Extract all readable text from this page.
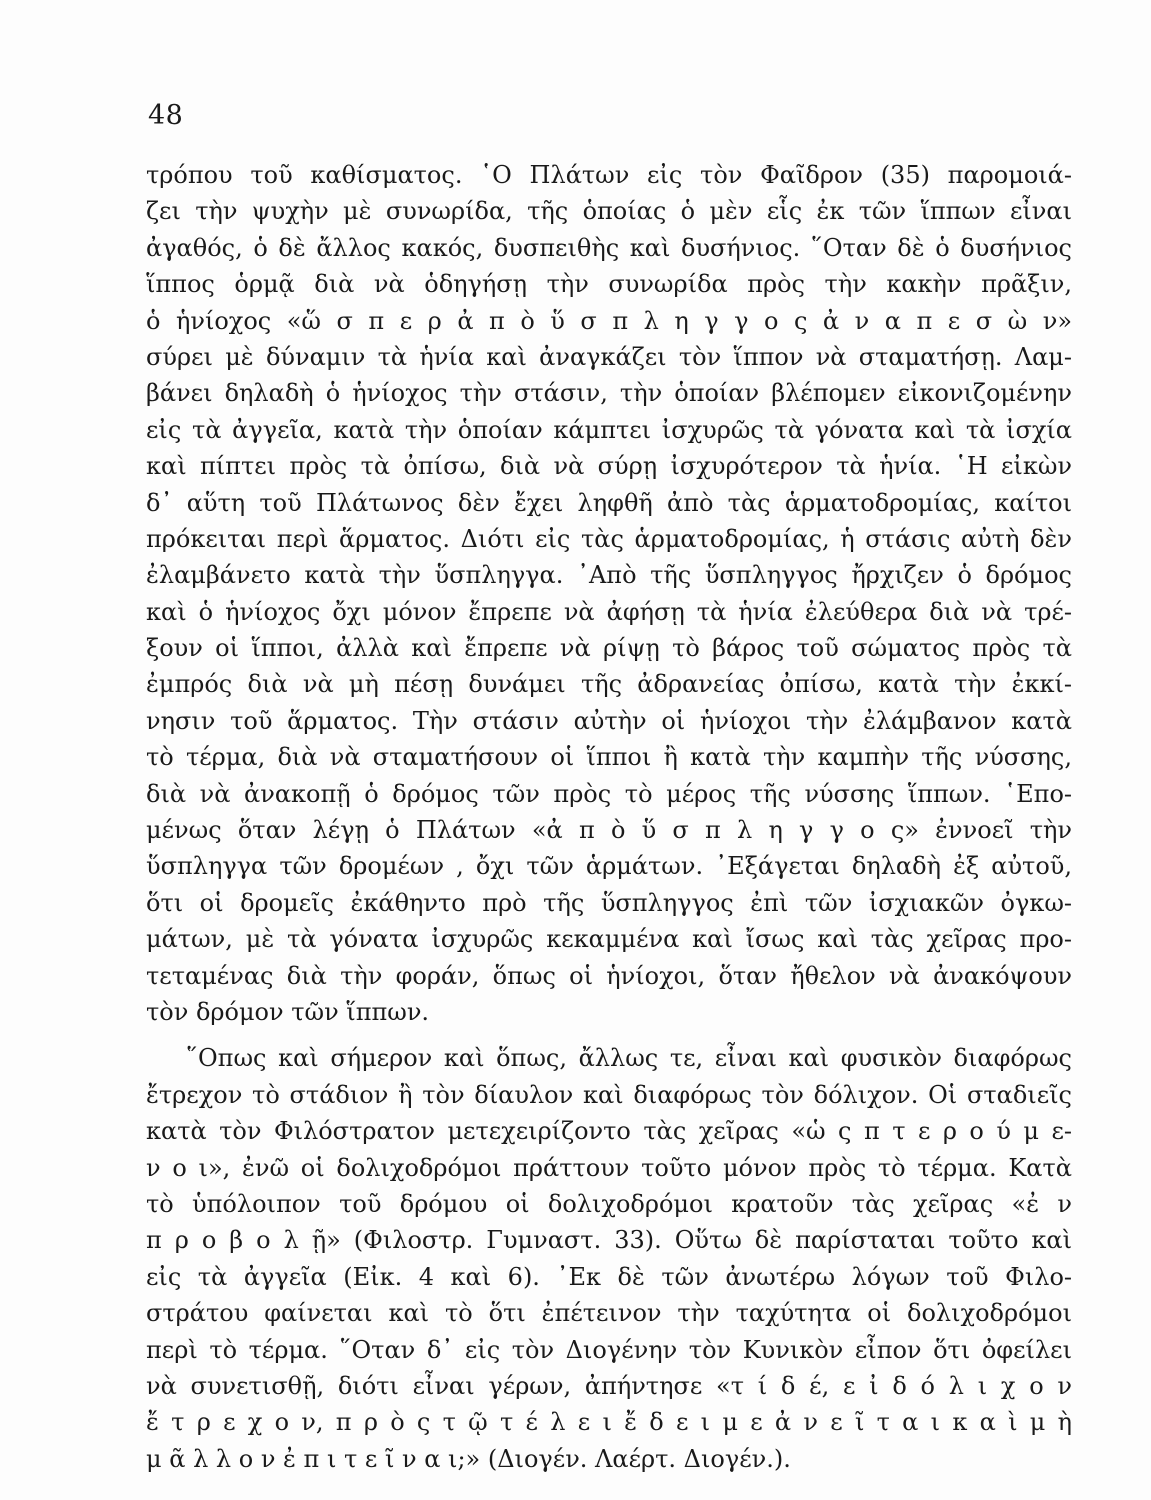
48
τρόπου τοῦ καθίσματος. ῾Ο Πλάτων εἰς τὸν Φαῖδρον (35) παρομοιά-
ζει τὴν ψυχὴν μὲ συνωρίδα, τῆς ὁποίας ὁ μὲν εἷς ἐκ τῶν ἵππων εἶναι
ἀγαθός, ὁ δὲ ἄλλος κακός, δυσπειθὴς καὶ δυσήνιος. ῞Οταν δὲ ὁ δυσήνιος
ἵππος ὁρμᾷ διὰ νὰ ὁδηγήσῃ τὴν συνωρίδα πρὸς τὴν κακὴν πρᾶξιν,
ὁ ἡνίοχος «ὥ σ π ε ρ ἀ π ὸ ὕ σ π λ η γ γ ο ς ἀ ν α π ε σ ὼ ν»
σύρει μὲ δύναμιν τὰ ἡνία καὶ ἀναγκάζει τὸν ἵππον νὰ σταματήσῃ. Λαμ-
βάνει δηλαδὴ ὁ ἡνίοχος τὴν στάσιν, τὴν ὁποίαν βλέπομεν εἰκονιζομένην
εἰς τὰ ἀγγεῖα, κατὰ τὴν ὁποίαν κάμπτει ἰσχυρῶς τὰ γόνατα καὶ τὰ ἰσχία
καὶ πίπτει πρὸς τὰ ὀπίσω, διὰ νὰ σύρῃ ἰσχυρότερον τὰ ἡνία. ῾Η εἰκὼν
δ᾿ αὕτη τοῦ Πλάτωνος δὲν ἔχει ληφθῆ ἀπὸ τὰς ἁρματοδρομίας, καίτοι
πρόκειται περὶ ἅρματος. Διότι εἰς τὰς ἁρματοδρομίας, ἡ στάσις αὐτὴ δὲν
ἐλαμβάνετο κατὰ τὴν ὕσπληγγα. ᾿Απὸ τῆς ὕσπληγγος ἤρχιζεν ὁ δρόμος
καὶ ὁ ἡνίοχος ὄχι μόνον ἔπρεπε νὰ ἀφήσῃ τὰ ἡνία ἐλεύθερα διὰ νὰ τρέ-
ξουν οἱ ἵπποι, ἀλλὰ καὶ ἔπρεπε νὰ ρίψῃ τὸ βάρος τοῦ σώματος πρὸς τὰ
ἐμπρός διὰ νὰ μὴ πέσῃ δυνάμει τῆς ἀδρανείας ὀπίσω, κατὰ τὴν ἐκκί-
νησιν τοῦ ἅρματος. Τὴν στάσιν αὐτὴν οἱ ἡνίοχοι τὴν ἐλάμβανον κατὰ
τὸ τέρμα, διὰ νὰ σταματήσουν οἱ ἵπποι ἢ κατὰ τὴν καμπὴν τῆς νύσσης,
διὰ νὰ ἀνακοπῇ ὁ δρόμος τῶν πρὸς τὸ μέρος τῆς νύσσης ἵππων. ῾Επο-
μένως ὅταν λέγῃ ὁ Πλάτων «ἀ π ὸ ὕ σ π λ η γ γ ο ς» ἐννοεῖ τὴν
ὕσπληγγα τῶν δρομέων , ὄχι τῶν ἁρμάτων. ᾿Εξάγεται δηλαδὴ ἐξ αὐτοῦ,
ὅτι οἱ δρομεῖς ἐκάθηντο πρὸ τῆς ὕσπληγγος ἐπὶ τῶν ἰσχιακῶν ὀγκω-
μάτων, μὲ τὰ γόνατα ἰσχυρῶς κεκαμμένα καὶ ἴσως καὶ τὰς χεῖρας προ-
τεταμένας διὰ τὴν φοράν, ὅπως οἱ ἡνίοχοι, ὅταν ἤθελον νὰ ἀνακόψουν
τὸν δρόμον τῶν ἵππων.
῞Οπως καὶ σήμερον καὶ ὅπως, ἄλλως τε, εἶναι καὶ φυσικὸν διαφόρως
ἔτρεχον τὸ στάδιον ἢ τὸν δίαυλον καὶ διαφόρως τὸν δόλιχον. Οἱ σταδιεῖς
κατὰ τὸν Φιλόστρατον μετεχειρίζοντο τὰς χεῖρας «ὡ ς π τ ε ρ ο ύ μ ε-
ν ο ι», ἐνῶ οἱ δολιχοδρόμοι πράττουν τοῦτο μόνον πρὸς τὸ τέρμα. Κατὰ
τὸ ὑπόλοιπον τοῦ δρόμου οἱ δολιχοδρόμοι κρατοῦν τὰς χεῖρας «ἐ ν
π ρ ο β ο λ ῇ» (Φιλοστρ. Γυμναστ. 33). Οὕτω δὲ παρίσταται τοῦτο καὶ
εἰς τὰ ἀγγεῖα (Εἰκ. 4 καὶ 6). ᾿Εκ δὲ τῶν ἀνωτέρω λόγων τοῦ Φιλο-
στράτου φαίνεται καὶ τὸ ὅτι ἐπέτεινον τὴν ταχύτητα οἱ δολιχοδρόμοι
περὶ τὸ τέρμα. ῞Οταν δ᾿ εἰς τὸν Διογένην τὸν Κυνικὸν εἶπον ὅτι ὀφείλει
νὰ συνετισθῇ, διότι εἶναι γέρων, ἀπήντησε «τ ί δ έ, ε ἰ δ ό λ ι χ ο ν
ἔ τ ρ ε χ ο ν, π ρ ὸ ς τ ῷ τ έ λ ε ι ἔ δ ε ι μ ε ἀ ν ε ῖ τ α ι κ α ὶ μ ὴ
μ ᾶ λ λ ο ν ἐ π ι τ ε ῖ ν α ι;» (Διογέν. Λαέρτ. Διογέν.).
